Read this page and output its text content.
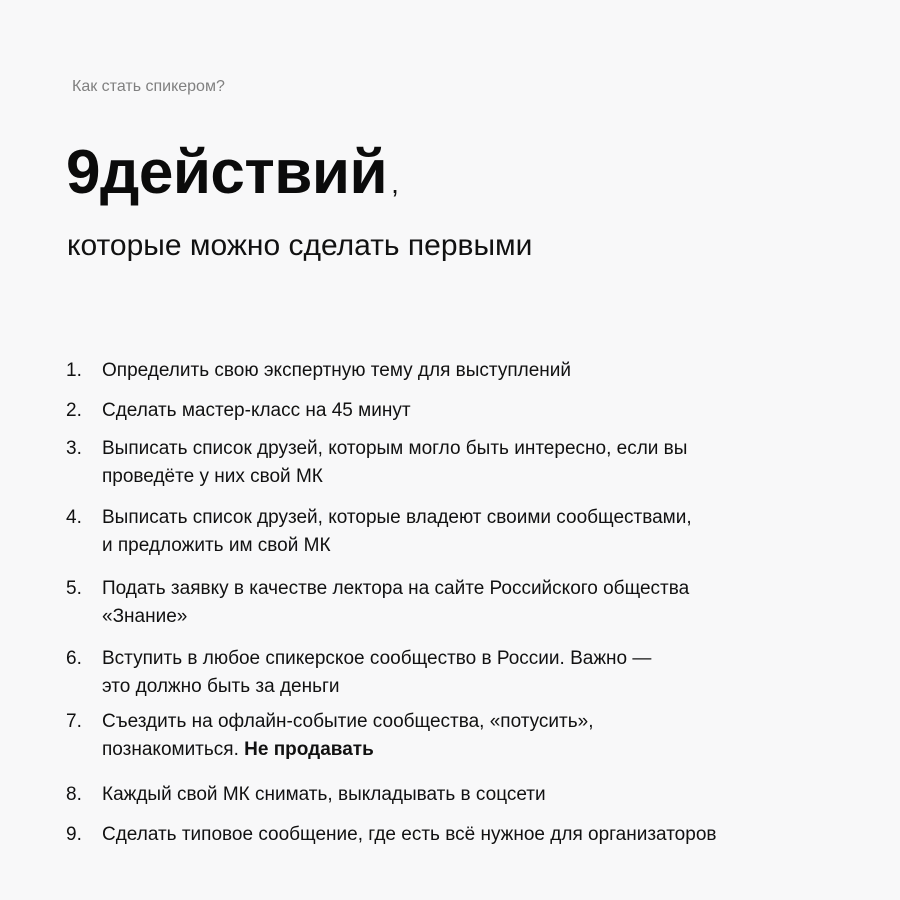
Как стать спикером?
9действий ,
которые можно сделать первыми
1.	Определить свою экспертную тему для выступлений
2.	Сделать мастер-класс на 45 минут
3.	Выписать список друзей, которым могло быть интересно, если вы
проведёте у них свой МК
4.	Выписать список друзей, которые владеют своими сообществами,
и предложить им свой МК
5.	Подать заявку в качестве лектора на сайте Российского общества
«Знание»
6.	Вступить в любое спикерское сообщество в России. Важно —
это должно быть за деньги
7.	Съездить на офлайн-событие сообщества, «потусить»,
познакомиться. Не продавать
8.	Каждый свой МК снимать, выкладывать в соцсети
9.	Сделать типовое сообщение, где есть всё нужное для организаторов
